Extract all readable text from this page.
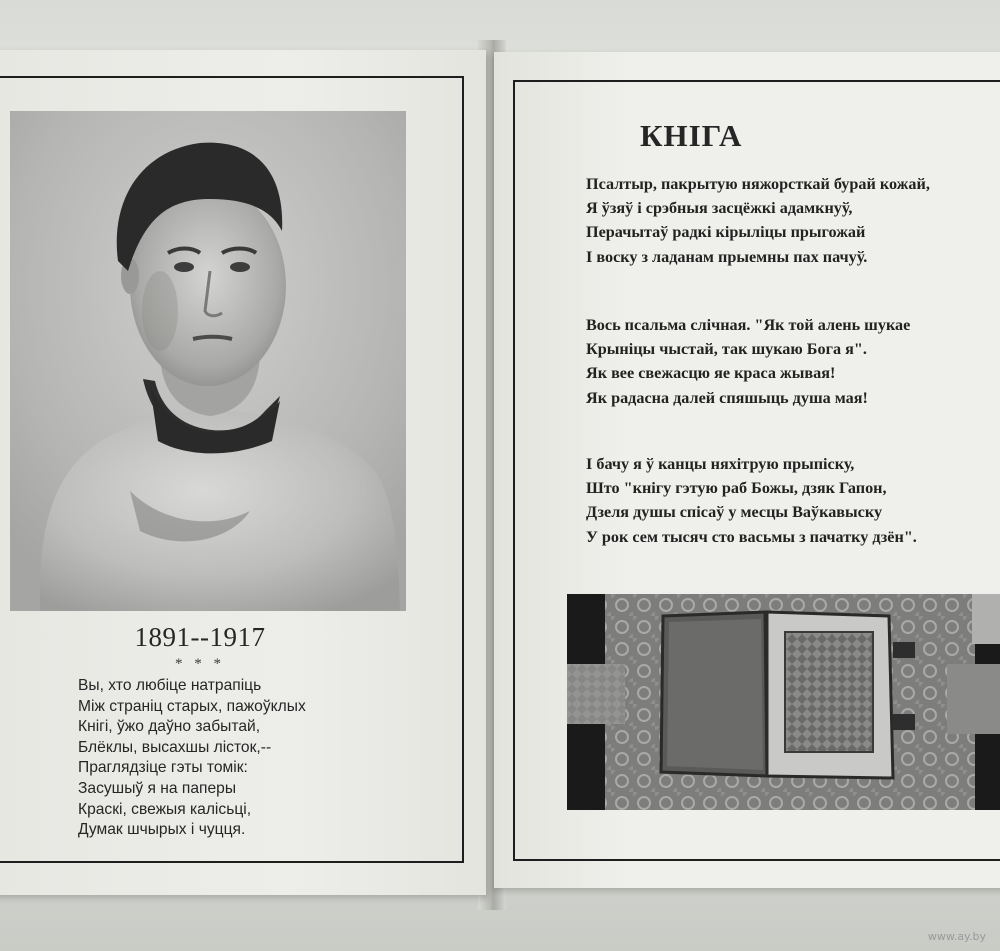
1891--1917
* * *
Вы, хто любіце натрапіць
Між страніц старых, пажоўклых
Кнігі, ўжо даўно забытай,
Блёклы, высахшы лісток,--
Праглядзіце гэты томік:
Засушыў я на паперы
Краскі, свежыя калісьці,
Думак шчырых і чуцця.
КНІГА
Псалтыр, пакрытую няжорсткай бурай кожай,
Я ўзяў і срэбныя засцёжкі адамкнуў,
Перачытаў радкі кірыліцы прыгожай
І воску з ладанам прыемны пах пачуў.
Вось псальма слічная. "Як той алень шукае
Крыніцы чыстай, так шукаю Бога я".
Як вее свежасцю яе краса жывая!
Як радасна далей спяшыць душа мая!
І бачу я ў канцы няхітрую прыпіску,
Што "кнігу гэтую раб Божы, дзяк Гапон,
Дзеля душы спісаў у месцы Ваўкавыску
У рок сем тысяч сто васьмы з пачатку дзён".
www.ay.by
